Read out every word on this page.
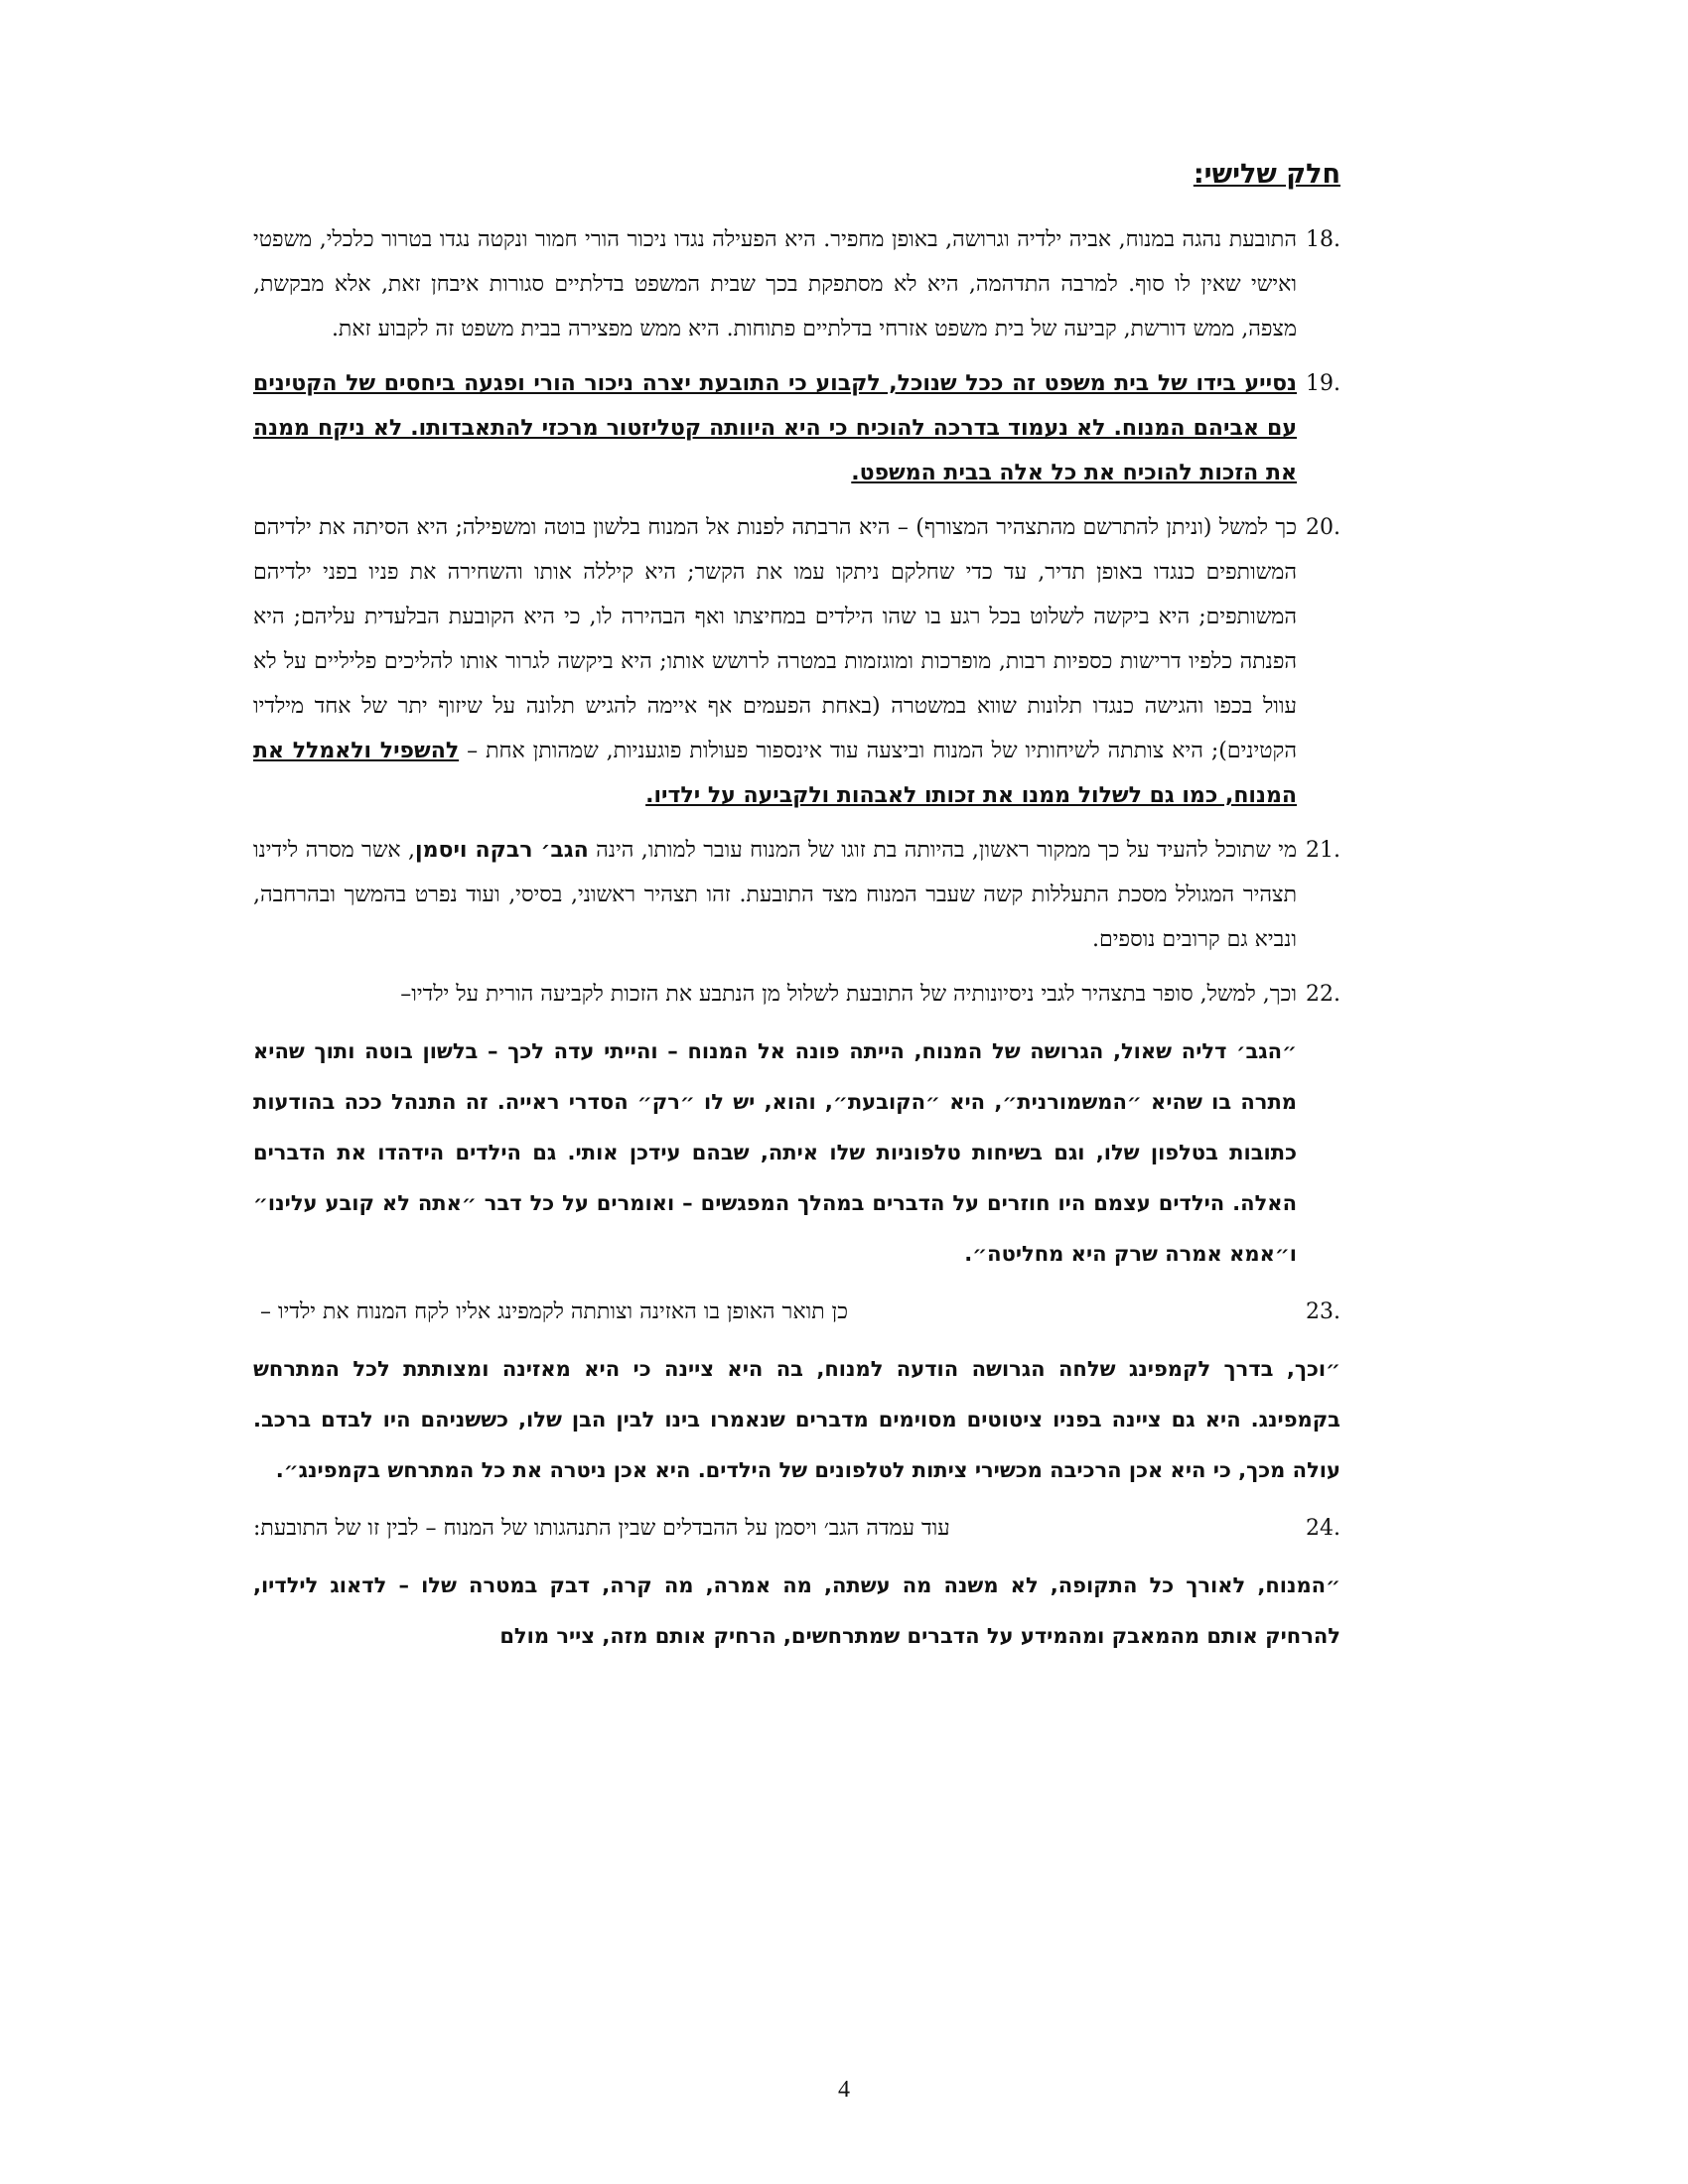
חלק שלישי:
18.
התובעת נהגה במנוח, אביה ילדיה וגרושה, באופן מחפיר. היא הפעילה נגדו ניכור הורי חמור ונקטה נגדו בטרור כלכלי, משפטי ואישי שאין לו סוף. למרבה התדהמה, היא לא מסתפקת בכך שבית המשפט בדלתיים סגורות איבחן זאת, אלא מבקשת, מצפה, ממש דורשת, קביעה של בית משפט אזרחי בדלתיים פתוחות. היא ממש מפצירה בבית משפט זה לקבוע זאת.
19.
נסייע בידו של בית משפט זה ככל שנוכל, לקבוע כי התובעת יצרה ניכור הורי ופגעה ביחסים של הקטינים עם אביהם המנוח. לא נעמוד בדרכה להוכיח כי היא היוותה קטליזטור מרכזי להתאבדותו. לא ניקח ממנה את הזכות להוכיח את כל אלה בבית המשפט.
20.
כך למשל (וניתן להתרשם מהתצהיר המצורף) – היא הרבתה לפנות אל המנוח בלשון בוטה ומשפילה; היא הסיתה את ילדיהם המשותפים כנגדו באופן תדיר, עד כדי שחלקם ניתקו עמו את הקשר; היא קיללה אותו והשחירה את פניו בפני ילדיהם המשותפים; היא ביקשה לשלוט בכל רגע בו שהו הילדים במחיצתו ואף הבהירה לו, כי היא הקובעת הבלעדית עליהם; היא הפנתה כלפיו דרישות כספיות רבות, מופרכות ומוגזמות במטרה לרושש אותו; היא ביקשה לגרור אותו להליכים פליליים על לא עוול בכפו והגישה כנגדו תלונות שווא במשטרה (באחת הפעמים אף איימה להגיש תלונה על שיזוף יתר של אחד מילדיו הקטינים); היא צותתה לשיחותיו של המנוח וביצעה עוד אינספור פעולות פוגעניות, שמהותן אחת – להשפיל ולאמלל את המנוח, כמו גם לשלול ממנו את זכותו לאבהות ולקביעה על ילדיו.
21.
מי שתוכל להעיד על כך ממקור ראשון, בהיותה בת זוגו של המנוח עובר למותו, הינה הגב׳ רבקה ויסמן, אשר מסרה לידינו תצהיר המגולל מסכת התעללות קשה שעבר המנוח מצד התובעת. זהו תצהיר ראשוני, בסיסי, ועוד נפרט בהמשך ובהרחבה, ונביא גם קרובים נוספים.
22.
וכך, למשל, סופר בתצהיר לגבי ניסיונותיה של התובעת לשלול מן הנתבע את הזכות לקביעה הורית על ילדיו–
״הגב׳ דליה שאול, הגרושה של המנוח, הייתה פונה אל המנוח – והייתי עדה לכך – בלשון בוטה ותוך שהיא מתרה בו שהיא ״המשמורנית״, היא ״הקובעת״, והוא, יש לו ״רק״ הסדרי ראייה. זה התנהל ככה בהודעות כתובות בטלפון שלו, וגם בשיחות טלפוניות שלו איתה, שבהם עידכן אותי. גם הילדים הידהדו את הדברים האלה. הילדים עצמם היו חוזרים על הדברים במהלך המפגשים – ואומרים על כל דבר ״אתה לא קובע עלינו״ ו״אמא אמרה שרק היא מחליטה״.
כן תואר האופן בו האזינה וצותתה לקמפינג אליו לקח המנוח את ילדיו –	23.
״וכך, בדרך לקמפינג שלחה הגרושה הודעה למנוח, בה היא ציינה כי היא מאזינה ומצותתת לכל המתרחש בקמפינג. היא גם ציינה בפניו ציטוטים מסוימים מדברים שנאמרו בינו לבין הבן שלו, כששניהם היו לבדם ברכב. עולה מכך, כי היא אכן הרכיבה מכשירי ציתות לטלפונים של הילדים. היא אכן ניטרה את כל המתרחש בקמפינג״.
24.
עוד עמדה הגב׳ ויסמן על ההבדלים שבין התנהגותו של המנוח – לבין זו של התובעת:
״המנוח, לאורך כל התקופה, לא משנה מה עשתה, מה אמרה, מה קרה, דבק במטרה שלו – לדאוג לילדיו, להרחיק אותם מהמאבק ומהמידע על הדברים שמתרחשים, הרחיק אותם מזה, צייר מולם
4
